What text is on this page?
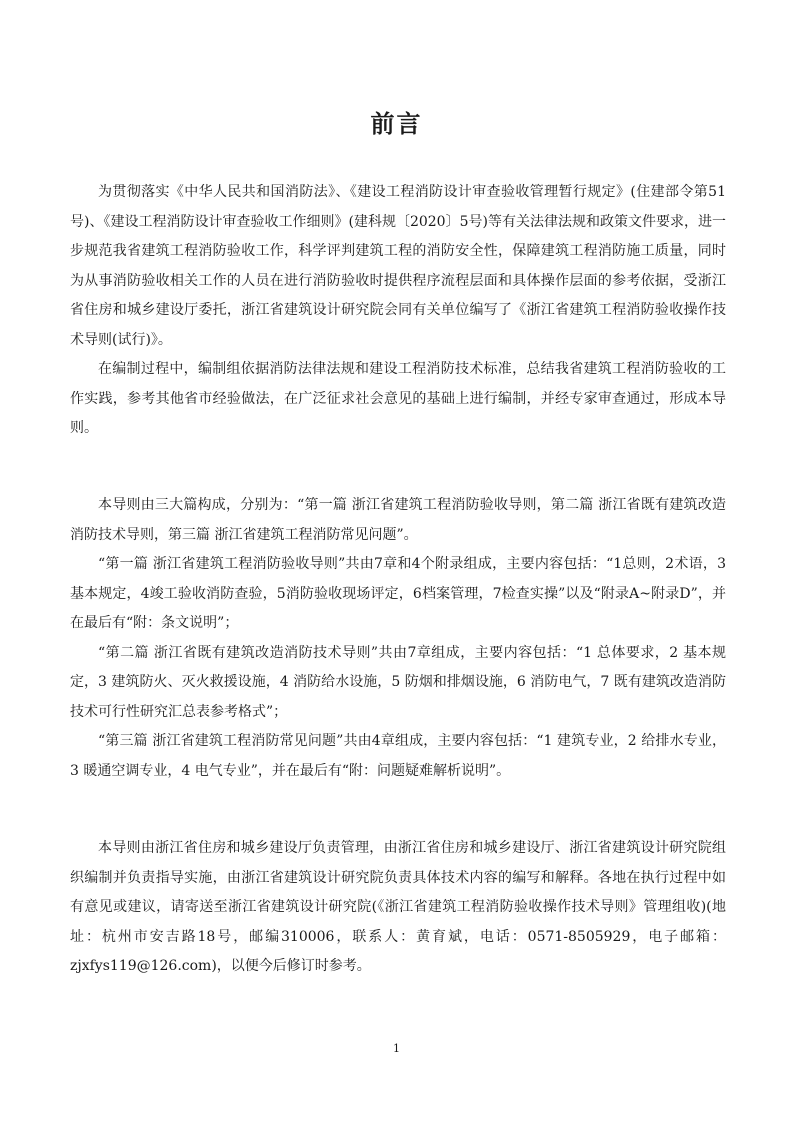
前言

为贯彻落实《中华人民共和国消防法》、《建设工程消防设计审查验收管理暂行规定》(住建部令第51号)、《建设工程消防设计审查验收工作细则》(建科规〔2020〕5号)等有关法律法规和政策文件要求，进一步规范我省建筑工程消防验收工作，科学评判建筑工程的消防安全性，保障建筑工程消防施工质量，同时为从事消防验收相关工作的人员在进行消防验收时提供程序流程层面和具体操作层面的参考依据，受浙江省住房和城乡建设厅委托，浙江省建筑设计研究院会同有关单位编写了《浙江省建筑工程消防验收操作技术导则(试行)》。

在编制过程中，编制组依据消防法律法规和建设工程消防技术标准，总结我省建筑工程消防验收的工作实践，参考其他省市经验做法，在广泛征求社会意见的基础上进行编制，并经专家审查通过，形成本导则。

本导则由三大篇构成，分别为：“第一篇 浙江省建筑工程消防验收导则，第二篇 浙江省既有建筑改造消防技术导则，第三篇 浙江省建筑工程消防常见问题”。

“第一篇 浙江省建筑工程消防验收导则”共由7章和4个附录组成，主要内容包括：“1总则，2术语，3基本规定，4竣工验收消防查验，5消防验收现场评定，6档案管理，7检查实操”以及“附录A~附录D”，并在最后有“附：条文说明”；

“第二篇 浙江省既有建筑改造消防技术导则”共由7章组成，主要内容包括：“1 总体要求，2 基本规定，3 建筑防火、灭火救援设施，4 消防给水设施，5 防烟和排烟设施，6 消防电气，7 既有建筑改造消防技术可行性研究汇总表参考格式”；

“第三篇 浙江省建筑工程消防常见问题”共由4章组成，主要内容包括：“1 建筑专业，2 给排水专业，3 暖通空调专业，4 电气专业”，并在最后有“附：问题疑难解析说明”。

本导则由浙江省住房和城乡建设厅负责管理，由浙江省住房和城乡建设厅、浙江省建筑设计研究院组织编制并负责指导实施，由浙江省建筑设计研究院负责具体技术内容的编写和解释。各地在执行过程中如有意见或建议，请寄送至浙江省建筑设计研究院(《浙江省建筑工程消防验收操作技术导则》管理组收)(地址：杭州市安吉路18号，邮编310006，联系人：黄育斌，电话：0571-8505929，电子邮箱：zjxfys119@126.com)，以便今后修订时参考。

1
